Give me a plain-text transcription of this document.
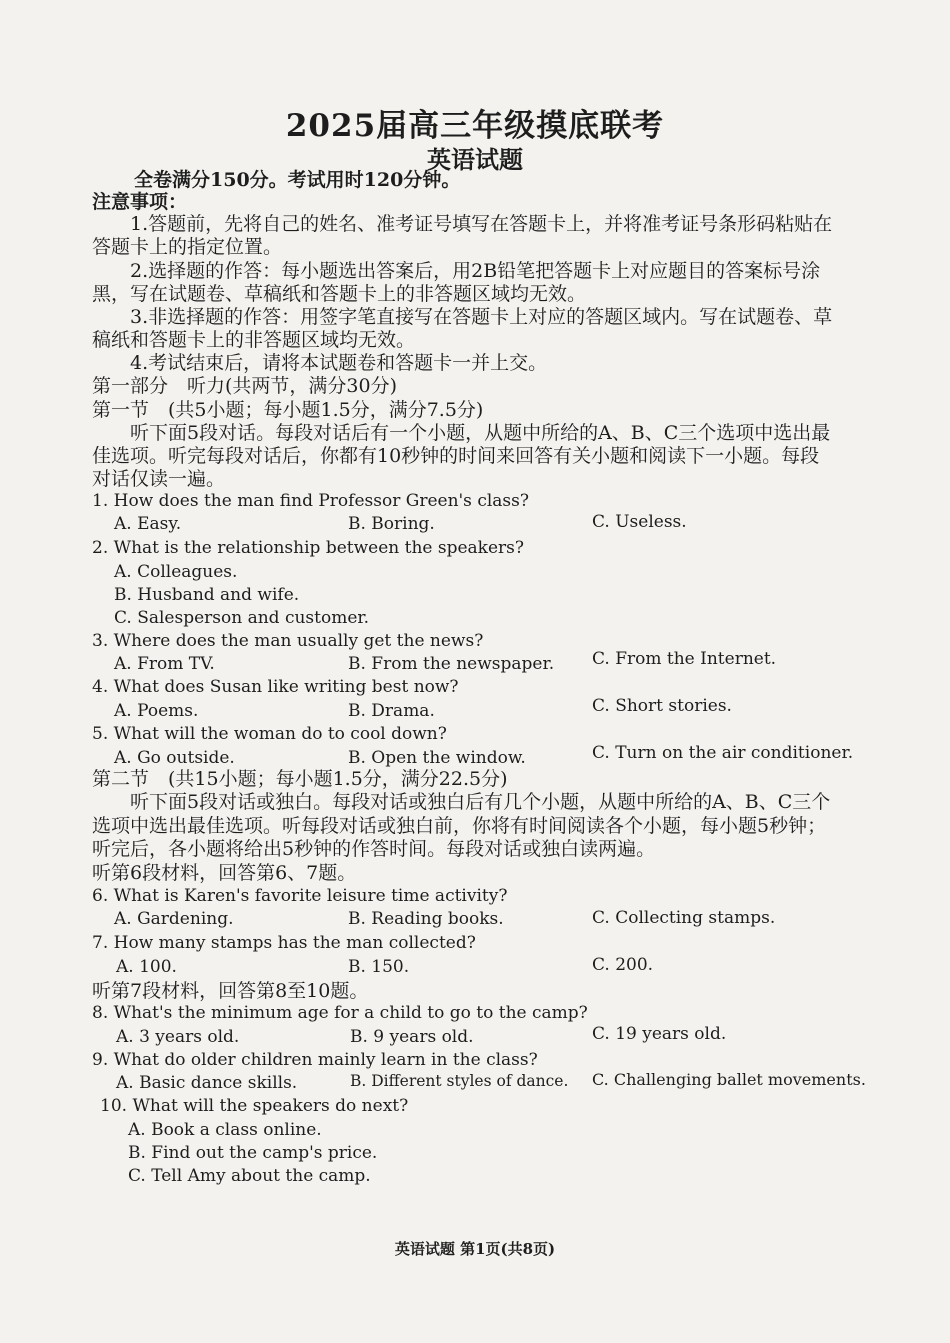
2025届高三年级摸底联考
英语试题
全卷满分150分。考试用时120分钟。
注意事项：
1.答题前，先将自己的姓名、准考证号填写在答题卡上，并将准考证号条形码粘贴在
答题卡上的指定位置。
2.选择题的作答：每小题选出答案后，用2B铅笔把答题卡上对应题目的答案标号涂
黑，写在试题卷、草稿纸和答题卡上的非答题区域均无效。
3.非选择题的作答：用签字笔直接写在答题卡上对应的答题区域内。写在试题卷、草
稿纸和答题卡上的非答题区域均无效。
4.考试结束后，请将本试题卷和答题卡一并上交。
第一部分　听力(共两节，满分30分)
第一节　(共5小题；每小题1.5分，满分7.5分)
听下面5段对话。每段对话后有一个小题，从题中所给的A、B、C三个选项中选出最
佳选项。听完每段对话后，你都有10秒钟的时间来回答有关小题和阅读下一小题。每段
对话仅读一遍。
1. How does the man find Professor Green's class?
A. Easy.	B. Boring.	C. Useless.
2. What is the relationship between the speakers?
A. Colleagues.
B. Husband and wife.
C. Salesperson and customer.
3. Where does the man usually get the news?
A. From TV.	B. From the newspaper. C. From the Internet.
4. What does Susan like writing best now?
A. Poems.	B. Drama.	C. Short stories.
5. What will the woman do to cool down?
A. Go outside.	B. Open the window.	C. Turn on the air conditioner.
第二节　(共15小题；每小题1.5分，满分22.5分)
听下面5段对话或独白。每段对话或独白后有几个小题，从题中所给的A、B、C三个
选项中选出最佳选项。听每段对话或独白前，你将有时间阅读各个小题，每小题5秒钟；
听完后，各小题将给出5秒钟的作答时间。每段对话或独白读两遍。
听第6段材料，回答第6、7题。
6. What is Karen's favorite leisure time activity?
A. Gardening.	B. Reading books.	C. Collecting stamps.
7. How many stamps has the man collected?
A. 100.	B. 150.	C. 200.
听第7段材料，回答第8至10题。
8. What's the minimum age for a child to go to the camp?
A. 3 years old.	B. 9 years old.	C. 19 years old.
9. What do older children mainly learn in the class?
A. Basic dance skills.	B. Different styles of dance. C. Challenging ballet movements.
10. What will the speakers do next?
A. Book a class online.
B. Find out the camp's price.
C. Tell Amy about the camp.
英语试题 第1页(共8页)
